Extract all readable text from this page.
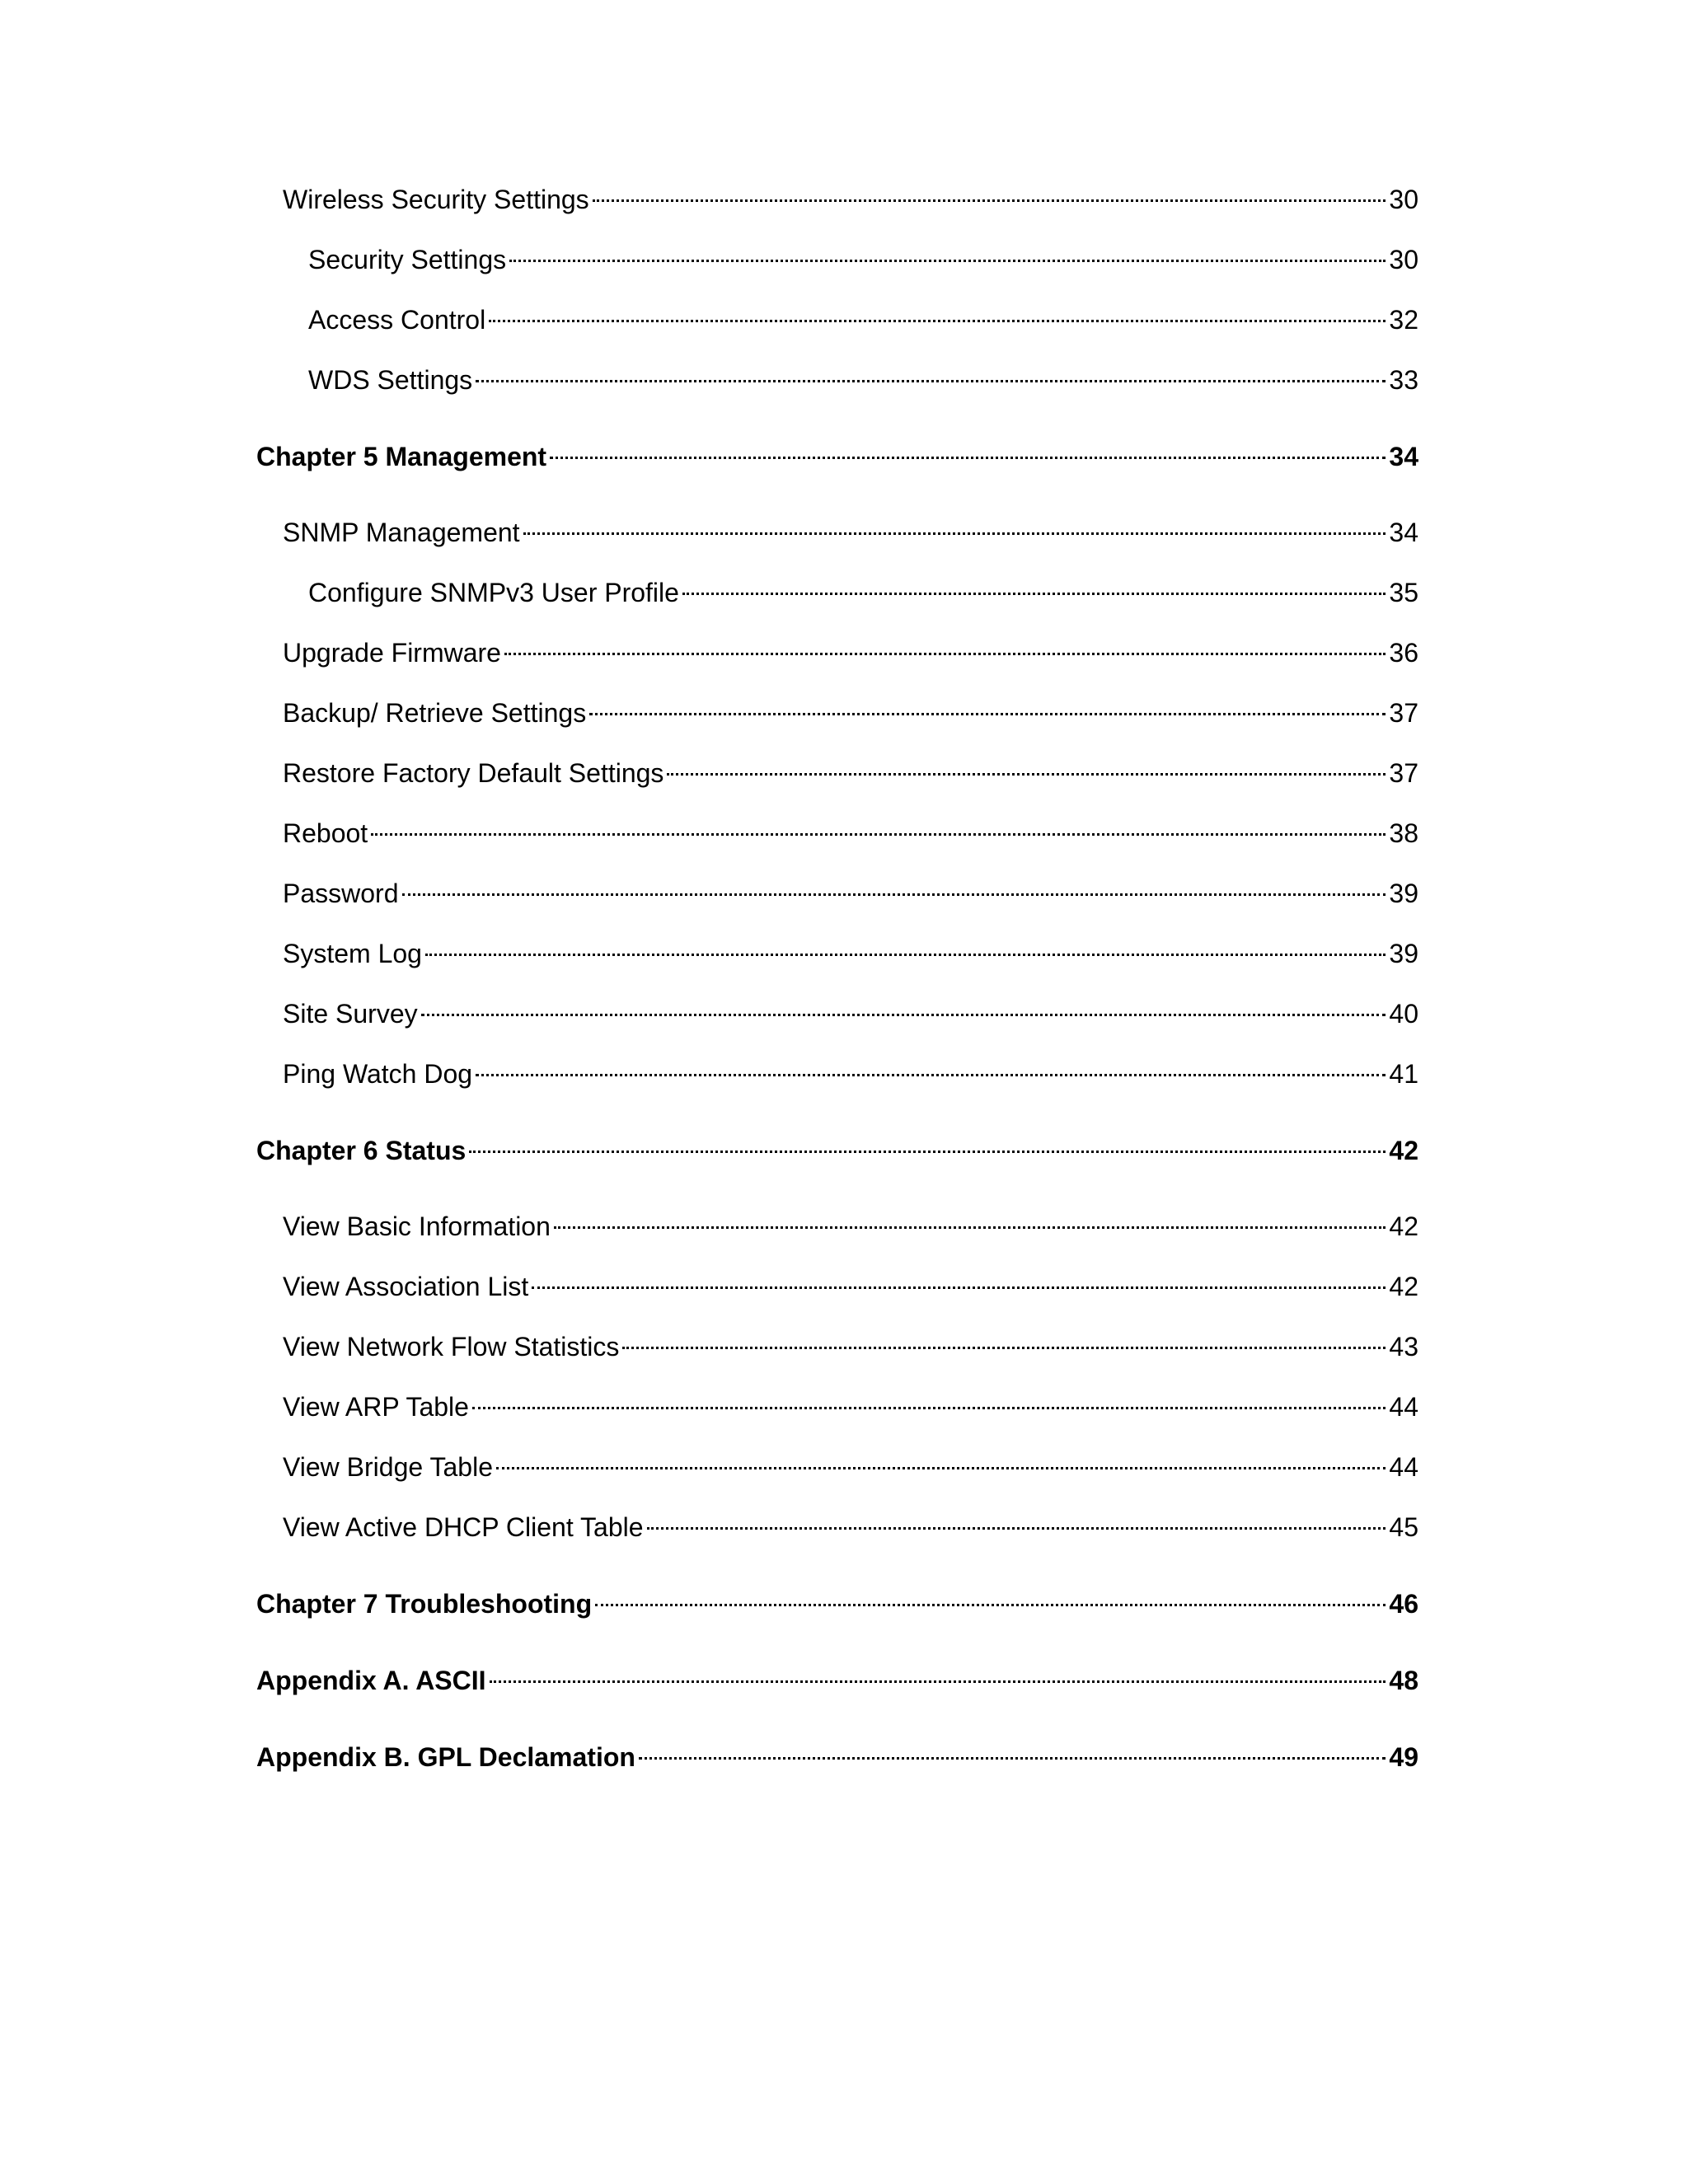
Wireless Security Settings	30
Security Settings	30
Access Control	32
WDS Settings	33
Chapter 5 Management	34
SNMP Management	34
Configure SNMPv3 User Profile	35
Upgrade Firmware	36
Backup/ Retrieve Settings	37
Restore Factory Default Settings	37
Reboot	38
Password	39
System Log	39
Site Survey	40
Ping Watch Dog	41
Chapter 6 Status	42
View Basic Information	42
View Association List	42
View Network Flow Statistics	43
View ARP Table	44
View Bridge Table	44
View Active DHCP Client Table	45
Chapter 7 Troubleshooting	46
Appendix A. ASCII	48
Appendix B. GPL Declamation	49
